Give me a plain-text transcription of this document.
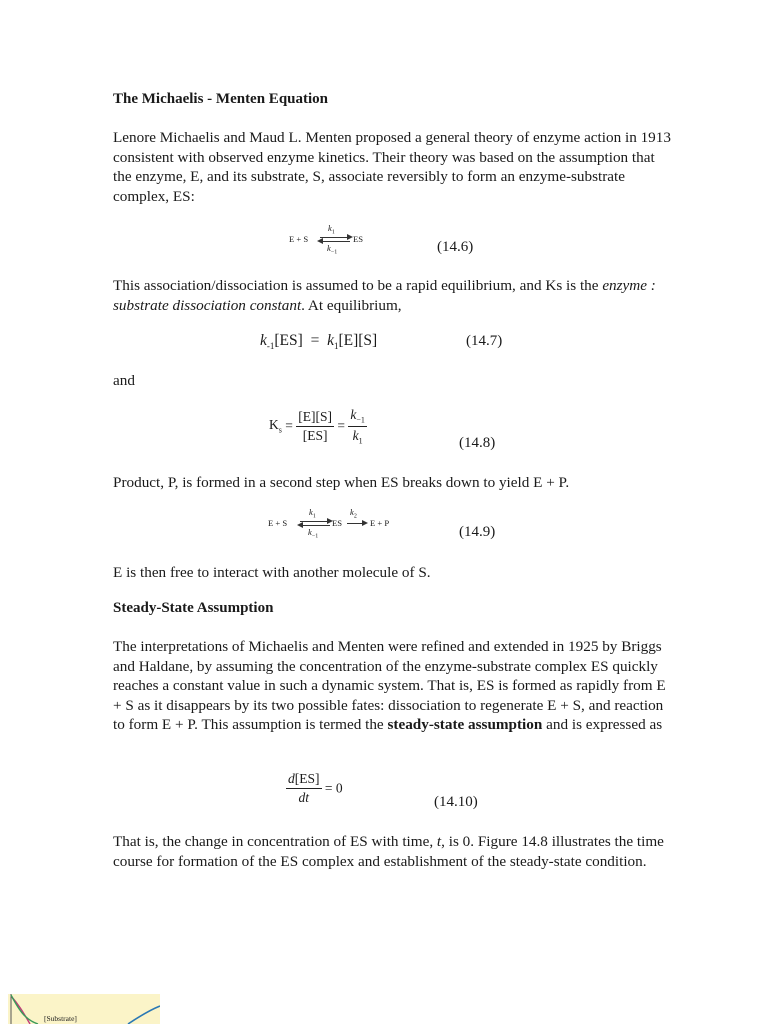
The Michaelis - Menten Equation

Lenore Michaelis and Maud L. Menten proposed a general theory of enzyme action in 1913 consistent with observed enzyme kinetics. Their theory was based on the assumption that the enzyme, E, and its substrate, S, associate reversibly to form an enzyme-substrate complex, ES:

E + S
$k_1$
$k_{-1}$
ES	(14.6)

This association/dissociation is assumed to be a rapid equilibrium, and Ks is the enzyme : substrate dissociation constant. At equilibrium,

$k_{-1}[ES] = k_1[E][S]$	(14.7)

and

$K_s = \frac{[E][S]}{[ES]} = \frac{k_{-1}}{k_1}$	(14.8)

Product, P, is formed in a second step when ES breaks down to yield E + P.

E + S
$k_1$
$k_{-1}$
ES
$k_2$
E + P
(14.9)

E is then free to interact with another molecule of S.

Steady-State Assumption

The interpretations of Michaelis and Menten were refined and extended in 1925 by Briggs and Haldane, by assuming the concentration of the enzyme-substrate complex ES quickly reaches a constant value in such a dynamic system. That is, ES is formed as rapidly from E + S as it disappears by its two possible fates: dissociation to regenerate E + S, and reaction to form E + P. This assumption is termed the steady-state assumption and is expressed as

$\frac{d[ES]}{dt} = 0$
(14.10)

That is, the change in concentration of ES with time, t, is 0. Figure 14.8 illustrates the time course for formation of the ES complex and establishment of the steady-state condition.

[Substrate]
